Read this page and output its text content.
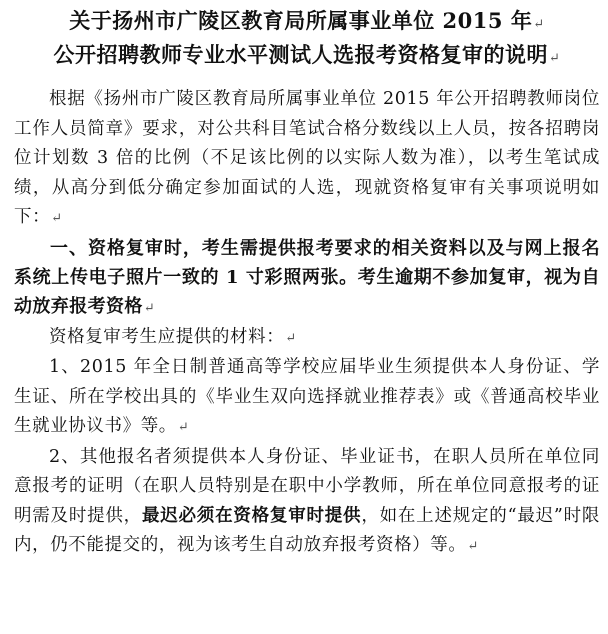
关于扬州市广陵区教育局所属事业单位 2015 年↵
公开招聘教师专业水平测试人选报考资格复审的说明↵

根据《扬州市广陵区教育局所属事业单位 2015 年公开招聘教师岗位工作人员简章》要求，对公共科目笔试合格分数线以上人员，按各招聘岗位计划数 3 倍的比例（不足该比例的以实际人数为准），以考生笔试成绩，从高分到低分确定参加面试的人选，现就资格复审有关事项说明如下：↵

一、资格复审时，考生需提供报考要求的相关资料以及与网上报名系统上传电子照片一致的 1 寸彩照两张。考生逾期不参加复审，视为自动放弃报考资格↵

资格复审考生应提供的材料：↵

1、2015 年全日制普通高等学校应届毕业生须提供本人身份证、学生证、所在学校出具的《毕业生双向选择就业推荐表》或《普通高校毕业生就业协议书》等。↵

2、其他报名者须提供本人身份证、毕业证书，在职人员所在单位同意报考的证明（在职人员特别是在职中小学教师，所在单位同意报考的证明需及时提供，最迟必须在资格复审时提供，如在上述规定的“最迟”时限内，仍不能提交的，视为该考生自动放弃报考资格）等。↵
